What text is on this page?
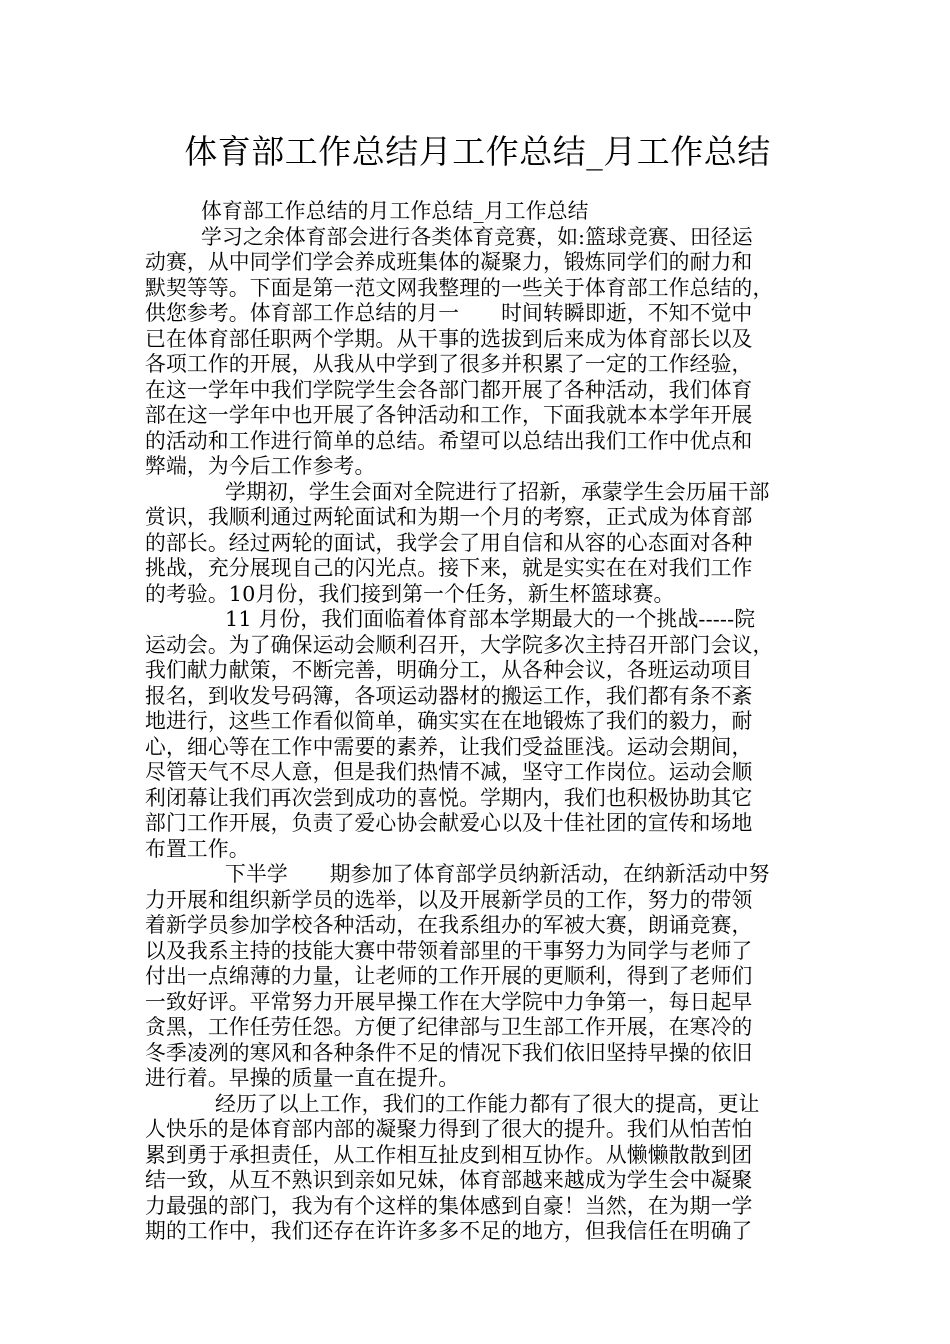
体育部工作总结月工作总结_月工作总结
体育部工作总结的月工作总结_月工作总结
学习之余体育部会进行各类体育竞赛，如:篮球竞赛、田径运
动赛，从中同学们学会养成班集体的凝聚力，锻炼同学们的耐力和
默契等等。下面是第一范文网我整理的一些关于体育部工作总结的，
供您参考。体育部工作总结的月一　　时间转瞬即逝，不知不觉中
已在体育部任职两个学期。从干事的选拔到后来成为体育部长以及
各项工作的开展，从我从中学到了很多并积累了一定的工作经验，
在这一学年中我们学院学生会各部门都开展了各种活动，我们体育
部在这一学年中也开展了各钟活动和工作，下面我就本本学年开展
的活动和工作进行简单的总结。希望可以总结出我们工作中优点和
弊端，为今后工作参考。
学期初，学生会面对全院进行了招新，承蒙学生会历届干部
赏识，我顺利通过两轮面试和为期一个月的考察，正式成为体育部
的部长。经过两轮的面试，我学会了用自信和从容的心态面对各种
挑战，充分展现自己的闪光点。接下来，就是实实在在对我们工作
的考验。10月份，我们接到第一个任务，新生杯篮球赛。
11 月份，我们面临着体育部本学期最大的一个挑战-----院
运动会。为了确保运动会顺利召开，大学院多次主持召开部门会议，
我们献力献策，不断完善，明确分工，从各种会议，各班运动项目
报名，到收发号码簿，各项运动器材的搬运工作，我们都有条不紊
地进行，这些工作看似简单，确实实在在地锻炼了我们的毅力，耐
心，细心等在工作中需要的素养，让我们受益匪浅。运动会期间，
尽管天气不尽人意，但是我们热情不减，坚守工作岗位。运动会顺
利闭幕让我们再次尝到成功的喜悦。学期内，我们也积极协助其它
部门工作开展，负责了爱心协会献爱心以及十佳社团的宣传和场地
布置工作。
下半学　　期参加了体育部学员纳新活动，在纳新活动中努
力开展和组织新学员的选举，以及开展新学员的工作，努力的带领
着新学员参加学校各种活动，在我系组办的军被大赛，朗诵竞赛，
以及我系主持的技能大赛中带领着部里的干事努力为同学与老师了
付出一点绵薄的力量，让老师的工作开展的更顺利，得到了老师们
一致好评。平常努力开展早操工作在大学院中力争第一，每日起早
贪黑，工作任劳任怨。方便了纪律部与卫生部工作开展，在寒冷的
冬季凌冽的寒风和各种条件不足的情况下我们依旧坚持早操的依旧
进行着。早操的质量一直在提升。
经历了以上工作，我们的工作能力都有了很大的提高，更让
人快乐的是体育部内部的凝聚力得到了很大的提升。我们从怕苦怕
累到勇于承担责任，从工作相互扯皮到相互协作。从懒懒散散到团
结一致，从互不熟识到亲如兄妹，体育部越来越成为学生会中凝聚
力最强的部门，我为有个这样的集体感到自豪！当然，在为期一学
期的工作中，我们还存在许许多多不足的地方，但我信任在明确了
